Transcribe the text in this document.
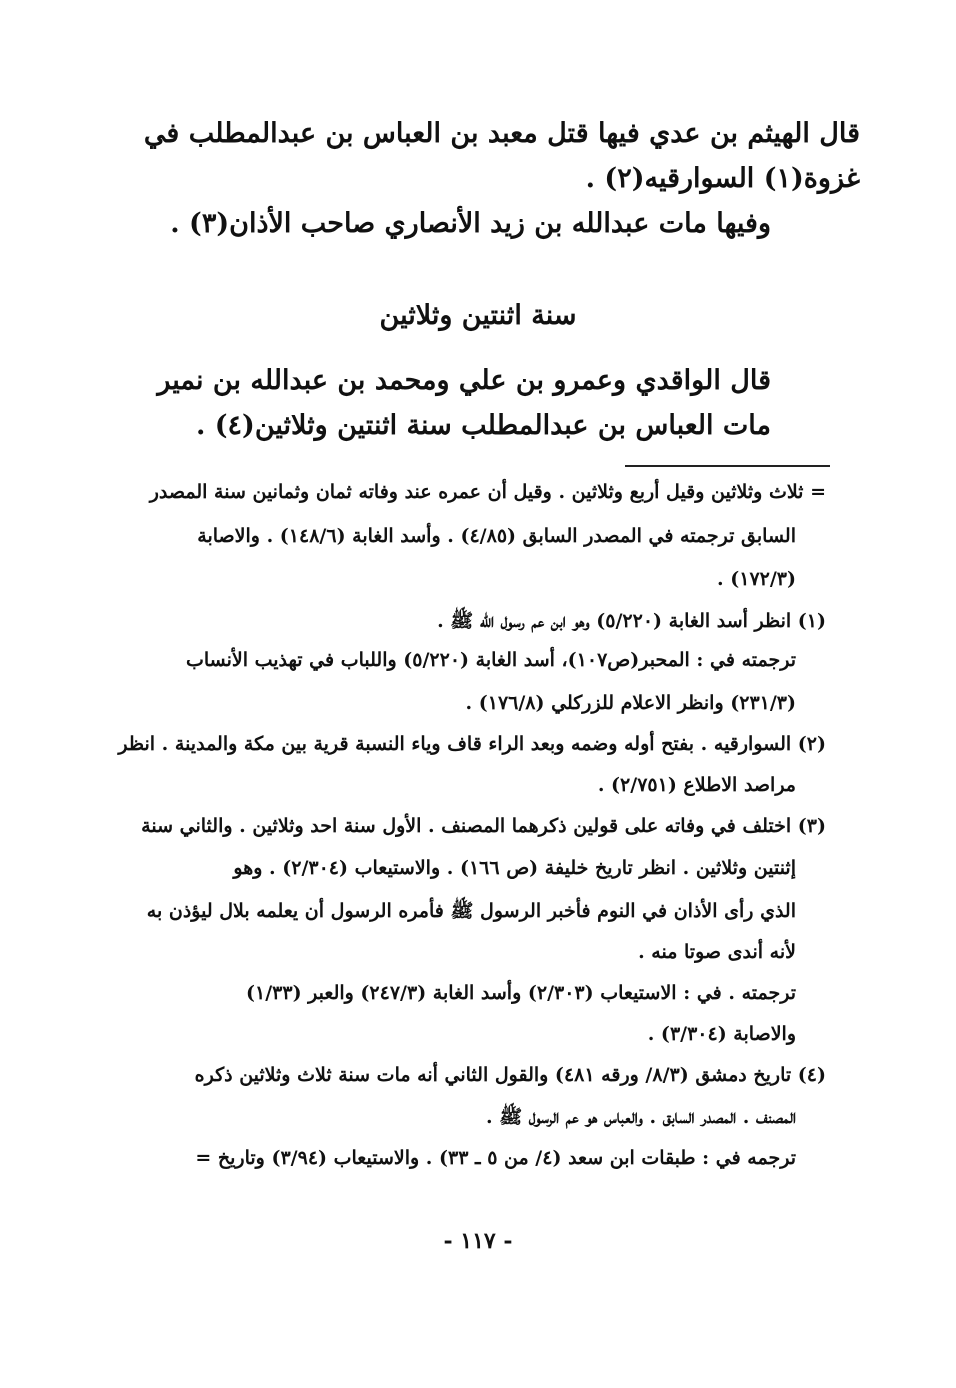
قال الهيثم بن عدي فيها قتل معبد بن العباس بن عبدالمطلب في
غزوة(١) السوارقيه(٢) .
وفيها مات عبدالله بن زيد الأنصاري صاحب الأذان(٣) .
سنة اثنتين وثلاثين
قال الواقدي وعمرو بن علي ومحمد بن عبدالله بن نمير
مات العباس بن عبدالمطلب سنة اثنتين وثلاثين(٤) .
= ثلاث وثلاثين وقيل أربع وثلاثين . وقيل أن عمره عند وفاته ثمان وثمانين سنة المصدر
السابق ترجمته في المصدر السابق (٤/٨٥) . وأسد الغابة (١٤٨/٦) . والاصابة
(١٧٢/٣) .
(١) انظر أسد الغابة (٥/٢٢٠) وهو ابن عم رسول الله ﷺ .
ترجمته في : المحبر(ص١٠٧)، أسد الغابة (٥/٢٢٠) واللباب في تهذيب الأنساب
(٢٣١/٣) وانظر الاعلام للزركلي (١٧٦/٨) .
(٢) السوارقيه . بفتح أوله وضمه وبعد الراء قاف وياء النسبة قرية بين مكة والمدينة . انظر
مراصد الاطلاع (٢/٧٥١) .
(٣) اختلف في وفاته على قولين ذكرهما المصنف . الأول سنة احد وثلاثين . والثاني سنة
إثنتين وثلاثين . انظر تاريخ خليفة (ص ١٦٦) . والاستيعاب (٢/٣٠٤) . وهو
الذي رأى الأذان في النوم فأخبر الرسول ﷺ فأمره الرسول أن يعلمه بلال ليؤذن به
لأنه أندى صوتا منه .
ترجمته . في : الاستيعاب (٢/٣٠٣) وأسد الغابة (٢٤٧/٣) والعبر (١/٣٣)
والاصابة (٣/٣٠٤) .
(٤) تاريخ دمشق (٨/٣/ ورقه ٤٨١) والقول الثاني أنه مات سنة ثلاث وثلاثين ذكره
المصنف . المصدر السابق . والعباس هو عم الرسول ﷺ .
ترجمه في : طبقات ابن سعد (٤/ من ٥ ـ ٣٣) . والاستيعاب (٣/٩٤) وتاريخ =
- ١١٧ -
